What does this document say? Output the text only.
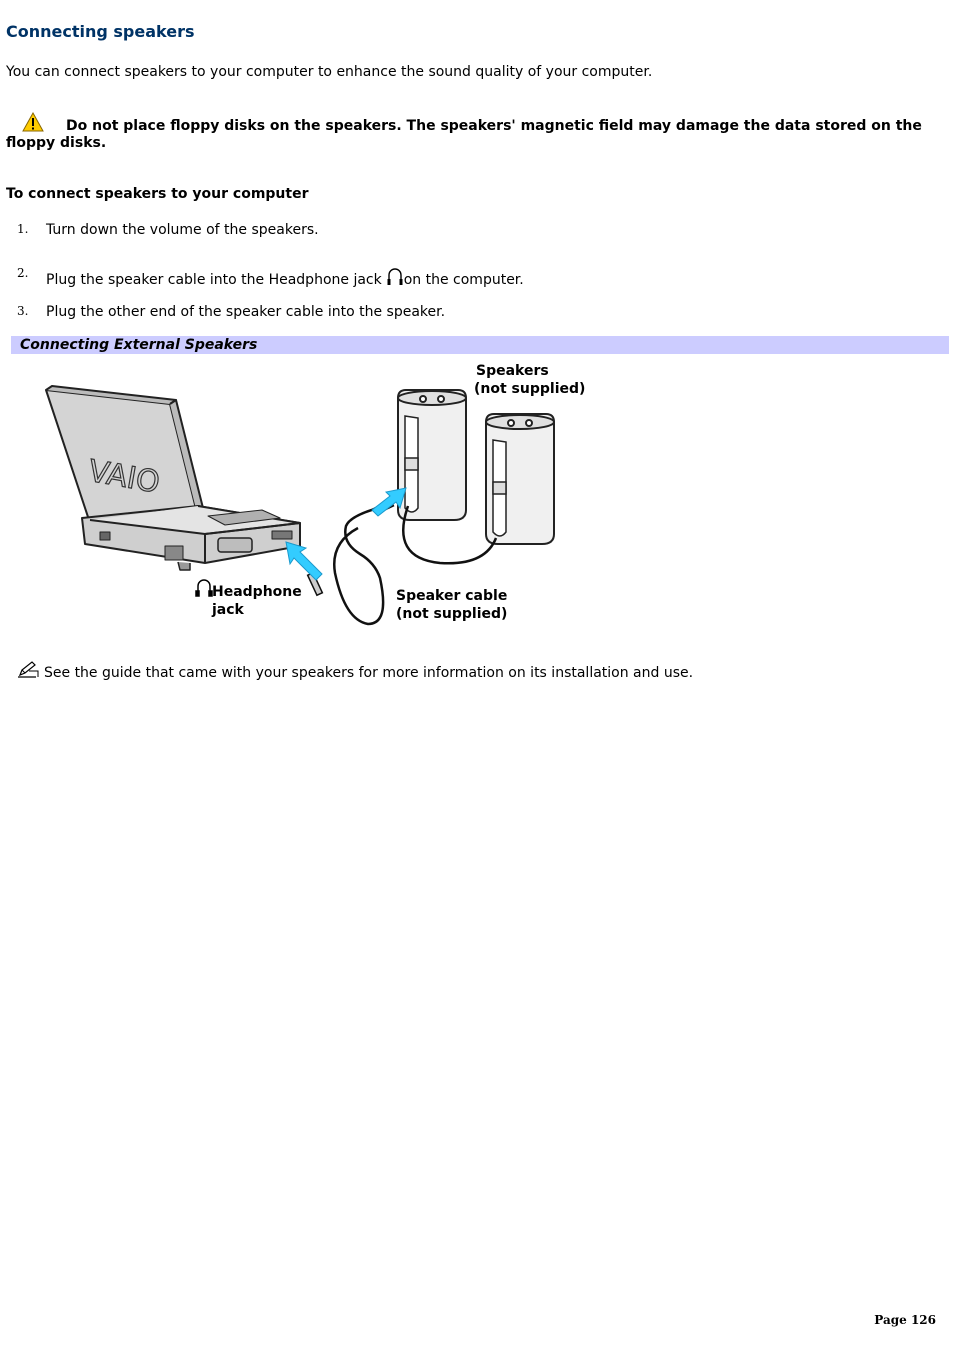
Connecting speakers

You can connect speakers to your computer to enhance the sound quality of your computer.

Do not place floppy disks on the speakers. The speakers' magnetic field may damage the data stored on the floppy disks.

To connect speakers to your computer

1. Turn down the volume of the speakers.
2. Plug the speaker cable into the Headphone jack on the computer.
3. Plug the other end of the speaker cable into the speaker.
Connecting External Speakers
VAIO
Speakers
(not supplied)
Headphone
jack
Speaker cable
(not supplied)
See the guide that came with your speakers for more information on its installation and use.
Page 126
